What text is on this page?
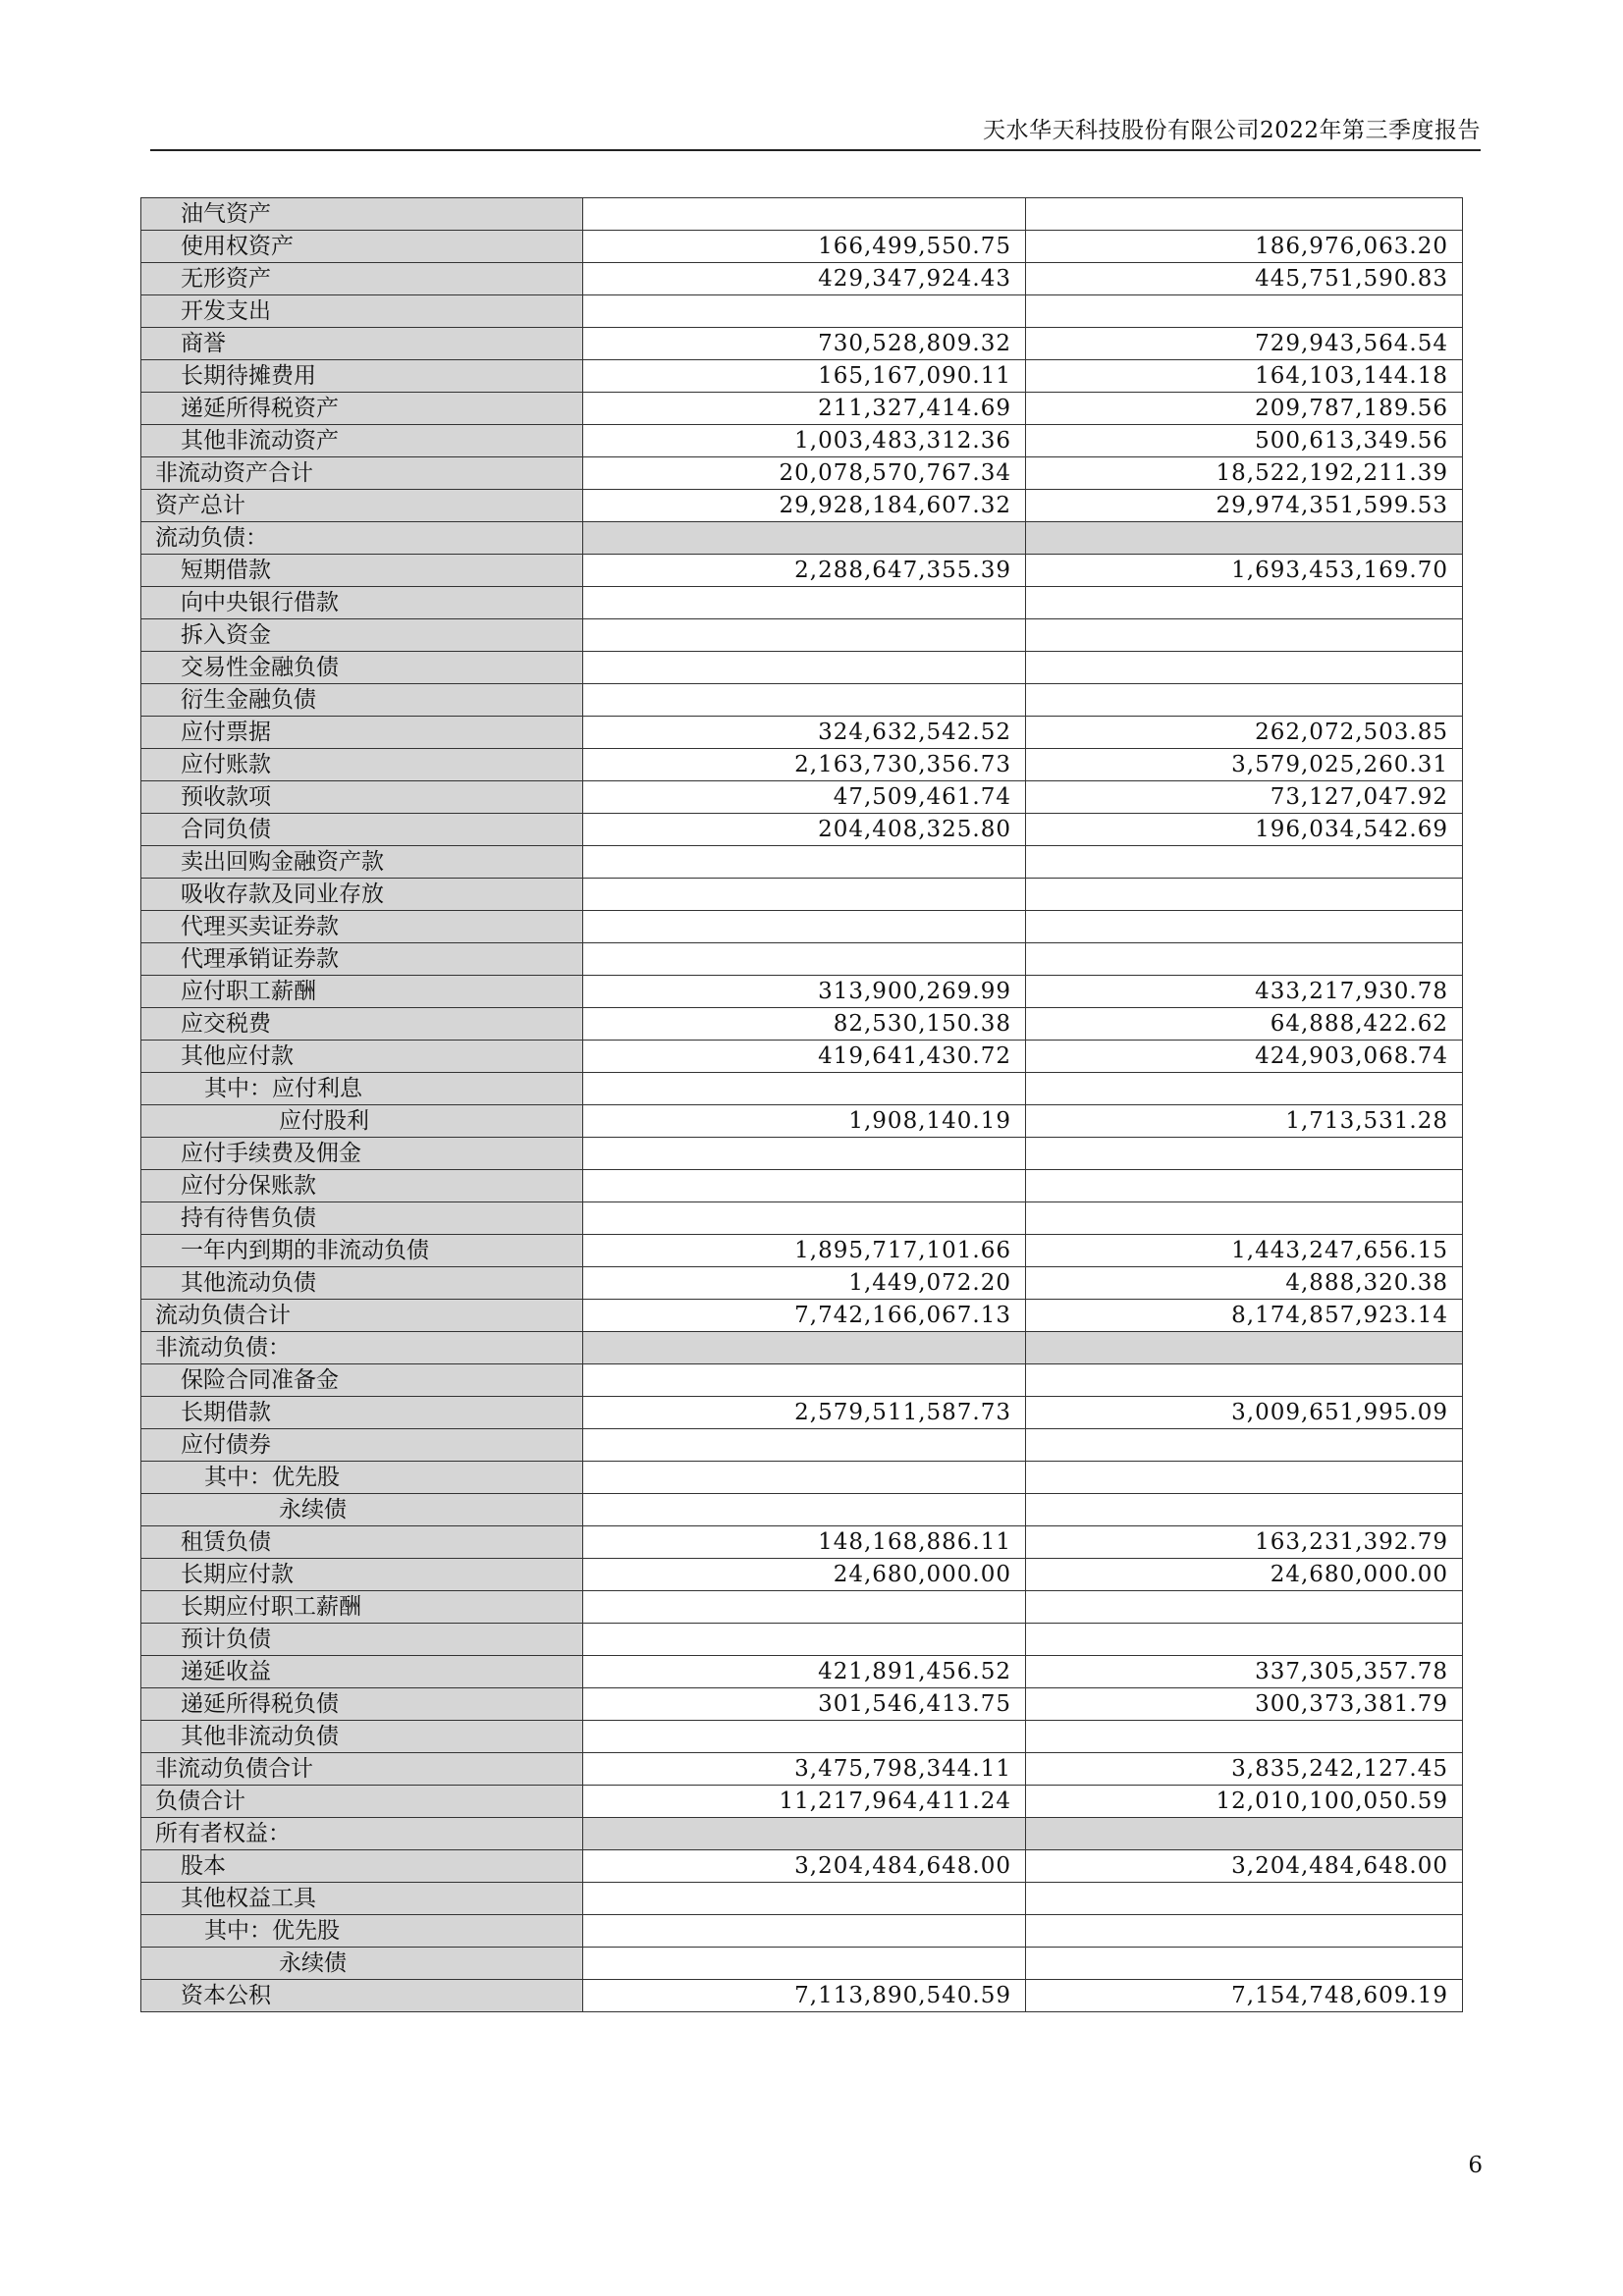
天水华天科技股份有限公司2022年第三季度报告
油气资产		
使用权资产	166,499,550.75	186,976,063.20
无形资产	429,347,924.43	445,751,590.83
开发支出		
商誉	730,528,809.32	729,943,564.54
长期待摊费用	165,167,090.11	164,103,144.18
递延所得税资产	211,327,414.69	209,787,189.56
其他非流动资产	1,003,483,312.36	500,613,349.56
非流动资产合计	20,078,570,767.34	18,522,192,211.39
资产总计	29,928,184,607.32	29,974,351,599.53
流动负债：		
短期借款	2,288,647,355.39	1,693,453,169.70
向中央银行借款		
拆入资金		
交易性金融负债		
衍生金融负债		
应付票据	324,632,542.52	262,072,503.85
应付账款	2,163,730,356.73	3,579,025,260.31
预收款项	47,509,461.74	73,127,047.92
合同负债	204,408,325.80	196,034,542.69
卖出回购金融资产款		
吸收存款及同业存放		
代理买卖证券款		
代理承销证券款		
应付职工薪酬	313,900,269.99	433,217,930.78
应交税费	82,530,150.38	64,888,422.62
其他应付款	419,641,430.72	424,903,068.74
其中：应付利息		
应付股利	1,908,140.19	1,713,531.28
应付手续费及佣金		
应付分保账款		
持有待售负债		
一年内到期的非流动负债	1,895,717,101.66	1,443,247,656.15
其他流动负债	1,449,072.20	4,888,320.38
流动负债合计	7,742,166,067.13	8,174,857,923.14
非流动负债：		
保险合同准备金		
长期借款	2,579,511,587.73	3,009,651,995.09
应付债券		
其中：优先股		
永续债		
租赁负债	148,168,886.11	163,231,392.79
长期应付款	24,680,000.00	24,680,000.00
长期应付职工薪酬		
预计负债		
递延收益	421,891,456.52	337,305,357.78
递延所得税负债	301,546,413.75	300,373,381.79
其他非流动负债		
非流动负债合计	3,475,798,344.11	3,835,242,127.45
负债合计	11,217,964,411.24	12,010,100,050.59
所有者权益：		
股本	3,204,484,648.00	3,204,484,648.00
其他权益工具		
其中：优先股		
永续债		
资本公积	7,113,890,540.59	7,154,748,609.19
6
